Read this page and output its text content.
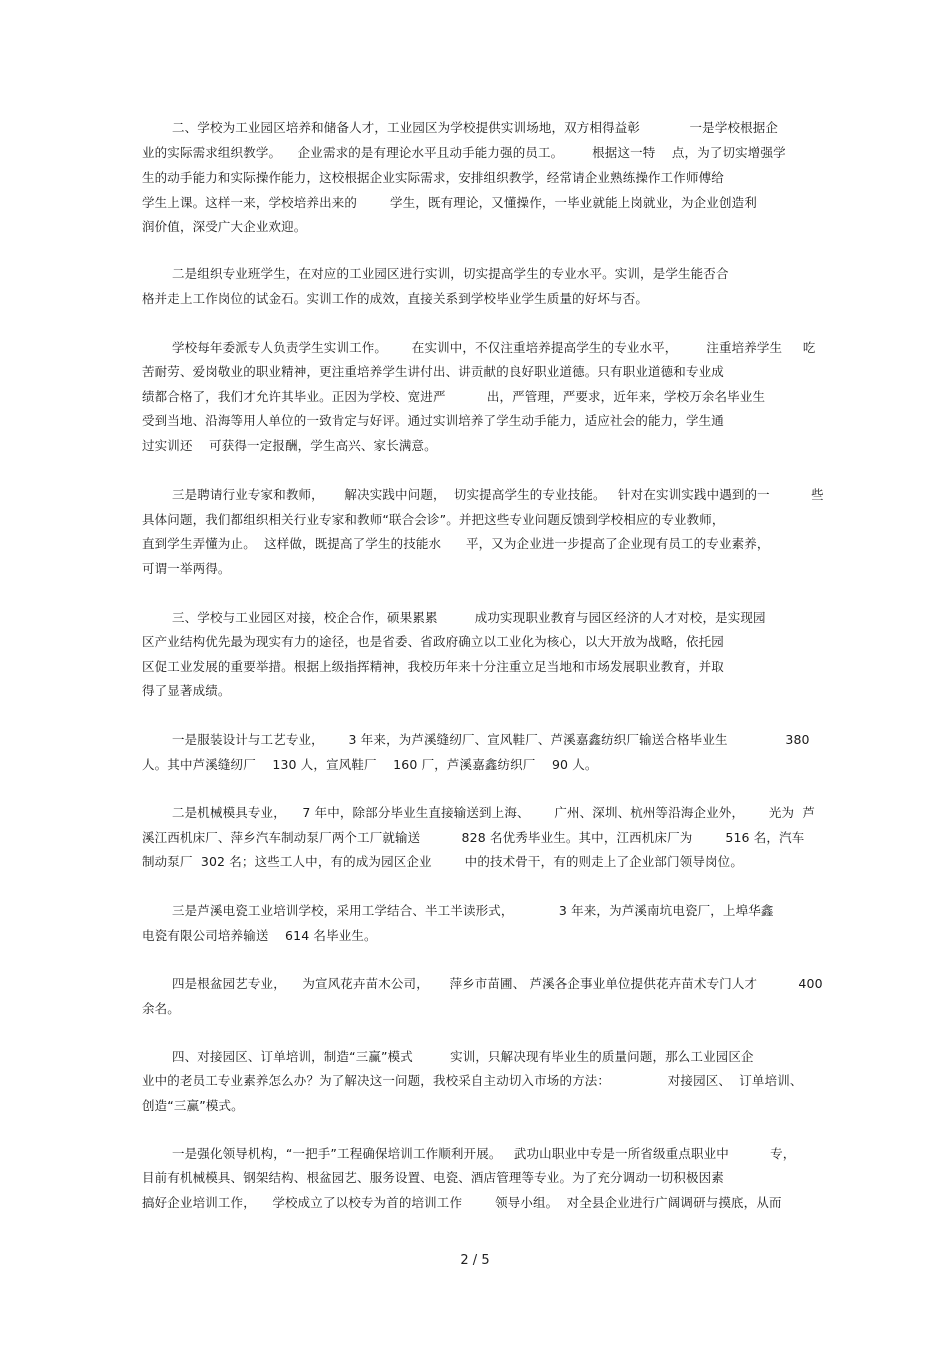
二、学校为工业园区培养和储备人才，工业园区为学校提供实训场地，双方相得益彰            一是学校根据企
业的实际需求组织教学。    企业需求的是有理论水平且动手能力强的员工。       根据这一特    点，为了切实增强学
生的动手能力和实际操作能力，这校根据企业实际需求，安排组织教学，经常请企业熟练操作工作师傅给
学生上课。这样一来，学校培养出来的        学生，既有理论，又懂操作，一毕业就能上岗就业，为企业创造利
润价值，深受广大企业欢迎。
二是组织专业班学生，在对应的工业园区进行实训，切实提高学生的专业水平。实训，是学生能否合
格并走上工作岗位的试金石。实训工作的成效，直接关系到学校毕业学生质量的好坏与否。
学校每年委派专人负责学生实训工作。      在实训中，不仅注重培养提高学生的专业水平，       注重培养学生     吃
苦耐劳、爱岗敬业的职业精神，更注重培养学生讲付出、讲贡献的良好职业道德。只有职业道德和专业成
绩都合格了，我们才允许其毕业。正因为学校、宽进严          出，严管理，严要求，近年来，学校万余名毕业生
受到当地、沿海等用人单位的一致肯定与好评。通过实训培养了学生动手能力，适应社会的能力，学生通
过实训还    可获得一定报酬，学生高兴、家长满意。
三是聘请行业专家和教师，     解决实践中问题，  切实提高学生的专业技能。   针对在实训实践中遇到的一          些
具体问题，我们都组织相关行业专家和教师“联合会诊”。并把这些专业问题反馈到学校相应的专业教师，
直到学生弄懂为止。  这样做，既提高了学生的技能水      平，又为企业进一步提高了企业现有员工的专业素养，
可谓一举两得。
三、学校与工业园区对接，校企合作，硕果累累         成功实现职业教育与园区经济的人才对校，是实现园
区产业结构优先最为现实有力的途径，也是省委、省政府确立以工业化为核心，以大开放为战略，依托园
区促工业发展的重要举措。根据上级指挥精神，我校历年来十分注重立足当地和市场发展职业教育，并取
得了显著成绩。
一是服装设计与工艺专业，      3 年来，为芦溪缝纫厂、宣风鞋厂、芦溪嘉鑫纺织厂输送合格毕业生              380
人。其中芦溪缝纫厂    130 人，宣风鞋厂    160 厂，芦溪嘉鑫纺织厂    90 人。
二是机械模具专业，    7 年中，除部分毕业生直接输送到上海、      广州、深圳、杭州等沿海企业外，      光为  芦
溪江西机床厂、萍乡汽车制动泵厂两个工厂就输送          828 名优秀毕业生。其中，江西机床厂为        516 名，汽车
制动泵厂  302 名；这些工人中，有的成为园区企业        中的技术骨干，有的则走上了企业部门领导岗位。
三是芦溪电瓷工业培训学校，采用工学结合、半工半读形式，           3 年来，为芦溪南坑电瓷厂，上埠华鑫
电瓷有限公司培养输送    614 名毕业生。
四是根盆园艺专业，    为宣风花卉苗木公司，     萍乡市苗圃、 芦溪各企事业单位提供花卉苗术专门人才          400
余名。
四、对接园区、订单培训，制造“三赢”模式         实训，只解决现有毕业生的质量问题，那么工业园区企
业中的老员工专业素养怎么办？为了解决这一问题，我校采自主动切入市场的方法：              对接园区、  订单培训、
创造“三赢”模式。
一是强化领导机构，“一把手”工程确保培训工作顺利开展。   武功山职业中专是一所省级重点职业中          专，
目前有机械模具、钢架结构、根盆园艺、服务设置、电瓷、酒店管理等专业。为了充分调动一切积极因素
搞好企业培训工作，    学校成立了以校专为首的培训工作        领导小组。  对全县企业进行广阔调研与摸底，从而
2 / 5
